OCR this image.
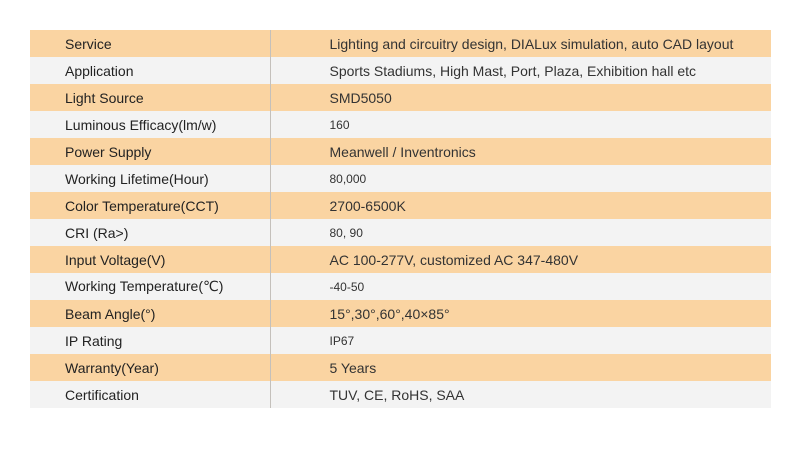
Service	Lighting and circuitry design, DIALux simulation, auto CAD layout
Application	Sports Stadiums, High Mast, Port, Plaza, Exhibition hall etc
Light Source	SMD5050
Luminous Efficacy(lm/w)	160
Power Supply	Meanwell / Inventronics
Working Lifetime(Hour)	80,000
Color Temperature(CCT)	2700-6500K
CRI (Ra>)	80, 90
Input Voltage(V)	AC 100-277V, customized AC 347-480V
Working Temperature(℃)	-40-50
Beam Angle(°)	15°,30°,60°,40×85°
IP Rating	IP67
Warranty(Year)	5 Years
Certification	TUV, CE, RoHS, SAA
